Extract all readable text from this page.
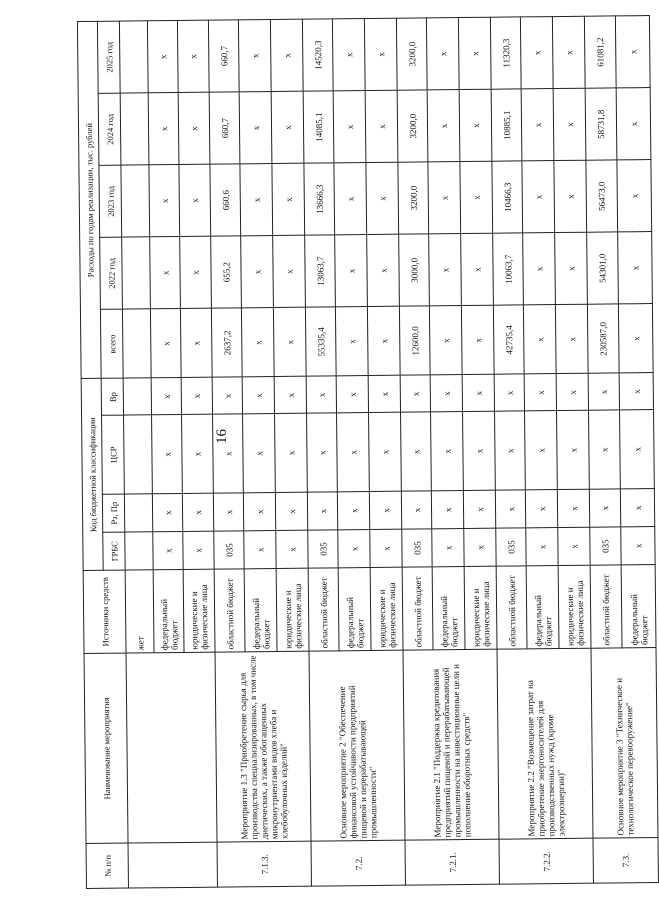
16
№ п/п	Наименование мероприятия	Источники средств	Код бюджетной классификации				Расходы по годам реализации, тыс. рублей				
			ГРБС	Рз, Пр	ЦСР	Вр	всего	2022 год	2023 год	2024 год	2025 год
		жет									
		федеральный бюджет	х	х	х	х	х	х	х	х	х
		юридические и физические лица	х	х	х	х	х	х	х	х	х
7.1.3.	Мероприятие 1.3 "Приобретение сырья для производства специализированных, в том числе диетических, а также обогащенных микронутриентами видов хлеба и хлебобулочных изделий"	областной бюджет	035	х	х	х	2637,2	655,2	660,6	660,7	660,7
		федеральный бюджет	х	х	х	х	х	х	х	х	х
		юридические и физические лица	х	х	х	х	х	х	х	х	х
7.2.	Основное мероприятие 2 "Обеспечение финансовой устойчивости предприятий пищевой и перерабатывающей промышленности"	областной бюджет	035	х	х	х	55335,4	13063,7	13666,3	14085,1	14520,3
		федеральный бюджет	х	х	х	х	х	х	х	х	х
		юридические и физические лица	х	х	х	х	х	х	х	х	х
7.2.1.	Мероприятие 2.1 "Поддержка кредитования предприятий пищевой и перерабатывающей промышленности на инвестиционные цели и пополнение оборотных средств"	областной бюджет	035	х	х	х	12600,0	3000,0	3200,0	3200,0	3200,0
		федеральный бюджет	х	х	х	х	х	х	х	х	х
		юридические и физические лица	х	х	х	х	х	х	х	х	х
7.2.2.	Мероприятие 2.2 "Возмещение затрат на приобретение энергоносителей для производственных нужд (кроме электроэнергии)"	областной бюджет	035	х	х	х	42735,4	10063,7	10466,3	10885,1	11320,3
		федеральный бюджет	х	х	х	х	х	х	х	х	х
		юридические и физические лица	х	х	х	х	х	х	х	х	х
7.3.	Основное мероприятие 3 "Техническое и технологическое перевооружение"	областной бюджет	035	х	х	х	230587,0	54301,0	56473,0	58731,8	61081,2
		федеральный бюджет	х	х	х	х	х	х	х	х	х
